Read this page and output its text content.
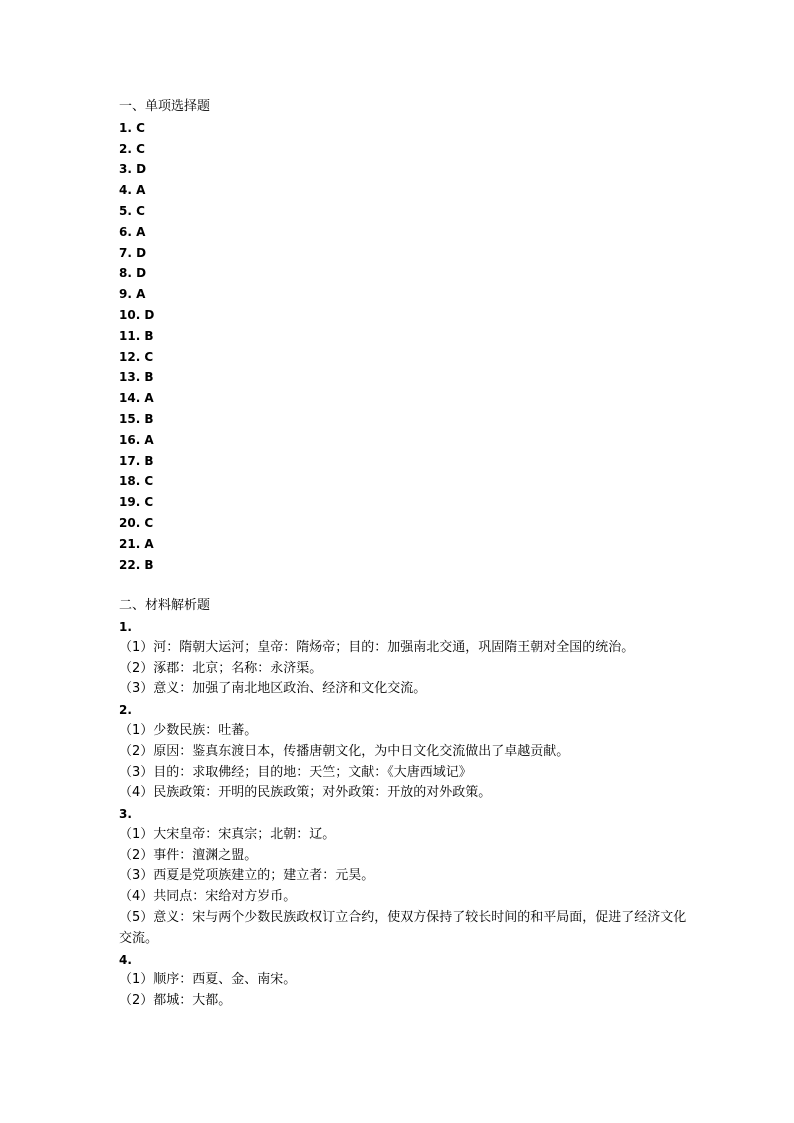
一、单项选择题
1. C
2. C
3. D
4. A
5. C
6. A
7. D
8. D
9. A
10. D
11. B
12. C
13. B
14. A
15. B
16. A
17. B
18. C
19. C
20. C
21. A
22. B
二、材料解析题
1.
（1）河：隋朝大运河；皇帝：隋炀帝；目的：加强南北交通，巩固隋王朝对全国的统治。
（2）涿郡：北京；名称：永济渠。
（3）意义：加强了南北地区政治、经济和文化交流。
2.
（1）少数民族：吐蕃。
（2）原因：鉴真东渡日本，传播唐朝文化，为中日文化交流做出了卓越贡献。
（3）目的：求取佛经；目的地：天竺；文献：《大唐西域记》
（4）民族政策：开明的民族政策；对外政策：开放的对外政策。
3.
（1）大宋皇帝：宋真宗；北朝：辽。
（2）事件：澶渊之盟。
（3）西夏是党项族建立的；建立者：元昊。
（4）共同点：宋给对方岁币。
（5）意义：宋与两个少数民族政权订立合约，使双方保持了较长时间的和平局面，促进了经济文化交流。
4.
（1）顺序：西夏、金、南宋。
（2）都城：大都。
